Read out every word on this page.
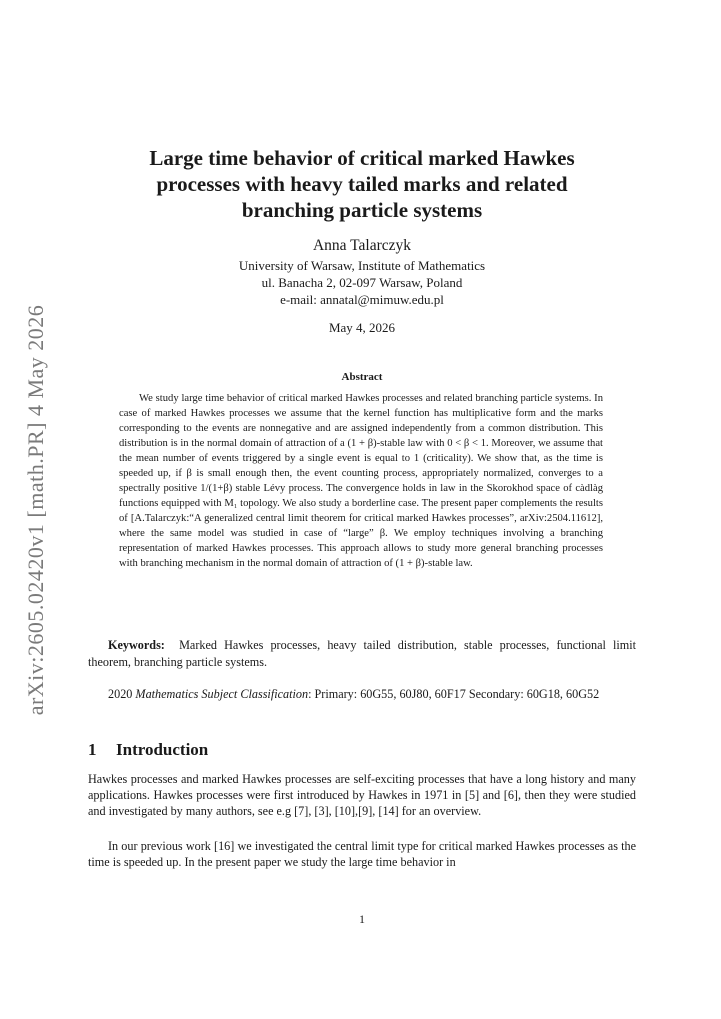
arXiv:2605.02420v1 [math.PR] 4 May 2026
Large time behavior of critical marked Hawkes processes with heavy tailed marks and related branching particle systems
Anna Talarczyk
University of Warsaw, Institute of Mathematics
ul. Banacha 2, 02-097 Warsaw, Poland
e-mail: annatal@mimuw.edu.pl
May 4, 2026
Abstract

We study large time behavior of critical marked Hawkes processes and related branching particle systems. In case of marked Hawkes processes we assume that the kernel function has multiplicative form and the marks corresponding to the events are nonnegative and are assigned independently from a common distribution. This distribution is in the normal domain of attraction of a (1 + β)-stable law with 0 < β < 1. Moreover, we assume that the mean number of events triggered by a single event is equal to 1 (criticality). We show that, as the time is speeded up, if β is small enough then, the event counting process, appropriately normalized, converges to a spectrally positive 1/(1+β) stable Lévy process. The convergence holds in law in the Skorokhod space of càdlàg functions equipped with M₁ topology. We also study a borderline case. The present paper complements the results of [A.Talarczyk:“A generalized central limit theorem for critical marked Hawkes processes”, arXiv:2504.11612], where the same model was studied in case of “large” β. We employ techniques involving a branching representation of marked Hawkes processes. This approach allows to study more general branching processes with branching mechanism in the normal domain of attraction of (1 + β)-stable law.

Keywords: Marked Hawkes processes, heavy tailed distribution, stable processes, functional limit theorem, branching particle systems.

2020 Mathematics Subject Classification: Primary: 60G55, 60J80, 60F17 Secondary: 60G18, 60G52

1 Introduction

Hawkes processes and marked Hawkes processes are self-exciting processes that have a long history and many applications. Hawkes processes were first introduced by Hawkes in 1971 in [5] and [6], then they were studied and investigated by many authors, see e.g [7], [3], [10],[9], [14] for an overview.

In our previous work [16] we investigated the central limit type for critical marked Hawkes processes as the time is speeded up. In the present paper we study the large time behavior in

1
